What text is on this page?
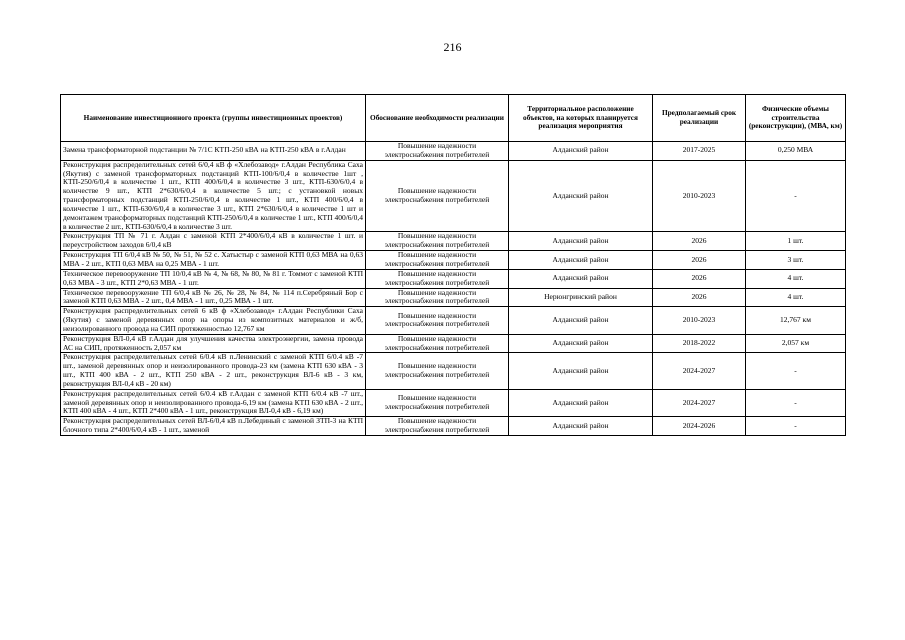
216
Наименование инвестиционного проекта (группы инвестиционных проектов)	Обоснование необходимости реализации	Территориальное расположение объектов, на которых планируется реализация мероприятия	Предполагаемый срок реализации	Физические объемы строительства (реконструкции), (МВА, км)
Замена трансформаторной подстанции № 7/1С КТП-250 кВА на КТП-250 кВА в г.Алдан	Повышение надежности электроснабжения потребителей	Алданский район	2017-2025	0,250 МВА
Реконструкция распределительных сетей 6/0,4 кВ ф «Хлебозавод» г.Алдан Республика Саха (Якутия) с заменой трансформаторных подстанций КТП-100/6/0,4 в количестве 1шт , КТП-250/6/0,4 в количестве 1 шт., КТП 400/6/0,4 в количестве 3 шт., КТП-630/6/0,4 в количестве 9 шт., КТП 2*630/6/0,4 в количестве 5 шт.; с установкой новых трансформаторных подстанций КТП-250/6/0,4 в количестве 1 шт., КТП 400/6/0,4 в количестве 1 шт., КТП-630/6/0,4 в количестве 3 шт., КТП 2*630/6/0,4 в количестве 1 шт и демонтажем трансформаторных подстанций КТП-250/6/0,4 в количестве 1 шт., КТП 400/6/0,4 в количестве 2 шт., КТП-630/6/0,4 в количестве 3 шт.	Повышение надежности электроснабжения потребителей	Алданский район	2010-2023	-
Реконструкция ТП № 71 г. Алдан с заменой КТП 2*400/6/0,4 кВ в количестве 1 шт. и переустройством заходов 6/0,4 кВ	Повышение надежности электроснабжения потребителей	Алданский район	2026	1 шт.
Реконструкция ТП 6/0,4 кВ № 50, № 51, № 52 с. Хатыстыр с заменой КТП 0,63 МВА на 0,63 МВА - 2 шт., КТП 0,63 МВА на 0,25 МВА - 1 шт.	Повышение надежности электроснабжения потребителей	Алданский район	2026	3 шт.
Техническое перевооружение ТП 10/0,4 кВ № 4, № 68, № 80, № 81 г. Томмот с заменой КТП 0,63 МВА - 3 шт., КТП 2*0,63 МВА - 1 шт.	Повышение надежности электроснабжения потребителей	Алданский район	2026	4 шт.
Техническое перевооружение ТП 6/0,4 кВ № 26, № 28, № 84, № 114 п.Серебряный Бор с заменой КТП 0,63 МВА - 2 шт., 0,4 МВА - 1 шт., 0,25 МВА - 1 шт.	Повышение надежности электроснабжения потребителей	Нерюнгринский район	2026	4 шт.
Реконструкция распределительных сетей 6 кВ ф «Хлебозавод» г.Алдан Республики Саха (Якутия) с заменой деревянных опор на опоры из композитных материалов и ж/б, неизолированного провода на СИП протяженностью 12,767 км	Повышение надежности электроснабжения потребителей	Алданский район	2010-2023	12,767 км
Реконструкция ВЛ-0,4 кВ г.Алдан для улучшения качества электроэнергии, замена провода АС на СИП, протяженность 2,057 км	Повышение надежности электроснабжения потребителей	Алданский район	2018-2022	2,057 км
Реконструкция распределительных сетей 6/0.4 кВ п.Ленинский с заменой КТП 6/0.4 кВ -7 шт., заменой деревянных опор и неизолированного провода-23 км (замена КТП 630 кВА - 3 шт., КТП 400 кВА - 2 шт., КТП 250 кВА - 2 шт., реконструкция ВЛ-6 кВ - 3 км, реконструкция ВЛ-0,4 кВ - 20 км)	Повышение надежности электроснабжения потребителей	Алданский район	2024-2027	-
Реконструкция распределительных сетей 6/0.4 кВ г.Алдан с заменой КТП 6/0.4 кВ -7 шт., заменой деревянных опор и неизолированного провода-6,19 км (замена КТП 630 кВА - 2 шт., КТП 400 кВА - 4 шт., КТП 2*400 кВА - 1 шт., реконструкция ВЛ-0,4 кВ - 6,19 км)	Повышение надежности электроснабжения потребителей	Алданский район	2024-2027	-
Реконструкция распределительных сетей ВЛ-6/0,4 кВ п.Лебединый с заменой ЗТП-3 на КТП блочного типа 2*400/6/0,4 кВ - 1 шт., заменой	Повышение надежности электроснабжения потребителей	Алданский район	2024-2026	-
